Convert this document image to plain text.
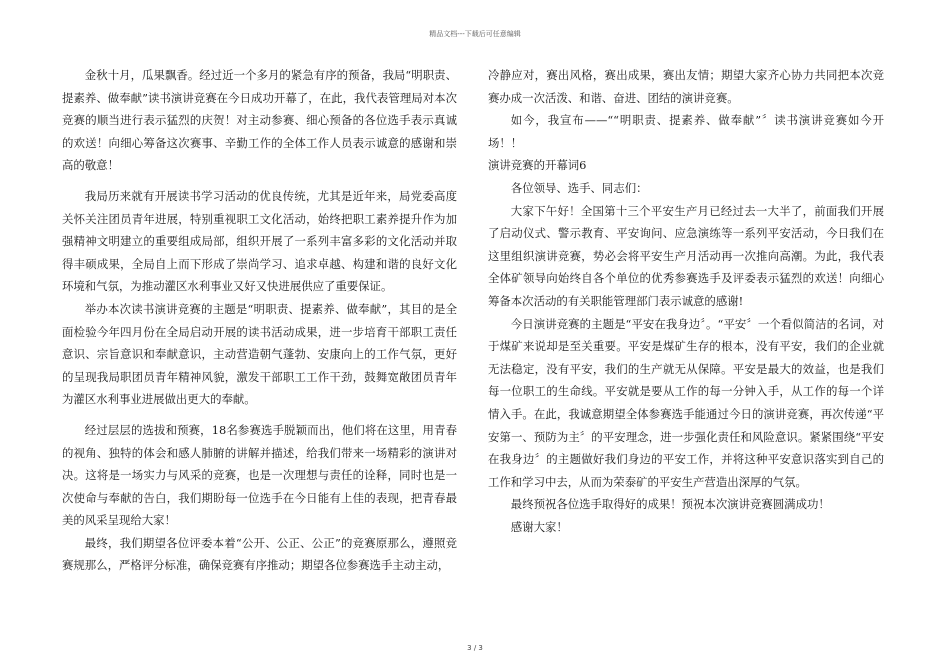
精品文档---下载后可任意编辑

金秋十月，瓜果飘香。经过近一个多月的紧急有序的预备，我局“明职责、提素养、做奉献”读书演讲竞赛在今日成功开幕了，在此，我代表管理局对本次竞赛的顺当进行表示猛烈的庆贺！对主动参赛、细心预备的各位选手表示真诚的欢送！向细心筹备这次赛事、辛勤工作的全体工作人员表示诚意的感谢和崇高的敬意！

我局历来就有开展读书学习活动的优良传统，尤其是近年来，局党委高度关怀关注团员青年进展，特别重视职工文化活动，始终把职工素养提升作为加强精神文明建立的重要组成局部，组织开展了一系列丰富多彩的文化活动并取得丰硕成果，全局自上而下形成了崇尚学习、追求卓越、构建和谐的良好文化环境和气氛，为推动灌区水利事业又好又快进展供应了重要保证。

举办本次读书演讲竞赛的主题是“明职责、提素养、做奉献”，其目的是全面检验今年四月份在全局启动开展的读书活动成果，进一步培育干部职工责任意识、宗旨意识和奉献意识，主动营造朝气蓬勃、安康向上的工作气氛，更好的呈现我局职团员青年精神风貌，激发干部职工工作干劲，鼓舞宽敞团员青年为灌区水利事业进展做出更大的奉献。

经过层层的选拔和预赛，18名参赛选手脱颖而出，他们将在这里，用青春的视角、独特的体会和感人肺腑的讲解并描述，给我们带来一场精彩的演讲对决。这将是一场实力与风采的竞赛，也是一次理想与责任的诠释，同时也是一次使命与奉献的告白，我们期盼每一位选手在今日能有上佳的表现，把青春最美的风采呈现给大家！

最终，我们期望各位评委本着“公开、公正、公正”的竞赛原那么，遵照竞赛规那么，严格评分标准，确保竞赛有序推动；期望各位参赛选手主动主动，

冷静应对，赛出风格，赛出成果，赛出友情；期望大家齐心协力共同把本次竞赛办成一次活泼、和谐、奋进、团结的演讲竞赛。

如今，我宣布——““明职责、提素养、做奉献”〞读书演讲竞赛如今开场！！

演讲竞赛的开幕词6

各位领导、选手、同志们：

大家下午好！全国第十三个平安生产月已经过去一大半了，前面我们开展了启动仪式、警示教育、平安询问、应急演练等一系列平安活动，今日我们在这里组织演讲竞赛，势必会将平安生产月活动再一次推向高潮。为此，我代表全体矿领导向始终自各个单位的优秀参赛选手及评委表示猛烈的欢送！向细心筹备本次活动的有关职能管理部门表示诚意的感谢!

今日演讲竞赛的主题是“平安在我身边〞。“平安〞一个看似简洁的名词，对于煤矿来说却是至关重要。平安是煤矿生存的根本，没有平安，我们的企业就无法稳定，没有平安，我们的生产就无从保障。平安是最大的效益，也是我们每一位职工的生命线。平安就是要从工作的每一分钟入手，从工作的每一个详情入手。在此，我诚意期望全体参赛选手能通过今日的演讲竞赛，再次传递“平安第一、预防为主〞的平安理念，进一步强化责任和风险意识。紧紧围绕“平安在我身边〞的主题做好我们身边的平安工作，并将这种平安意识落实到自己的工作和学习中去，从而为荣泰矿的平安生产营造出深厚的气氛。

最终预祝各位选手取得好的成果！预祝本次演讲竞赛圆满成功！

感谢大家！

3 / 3
